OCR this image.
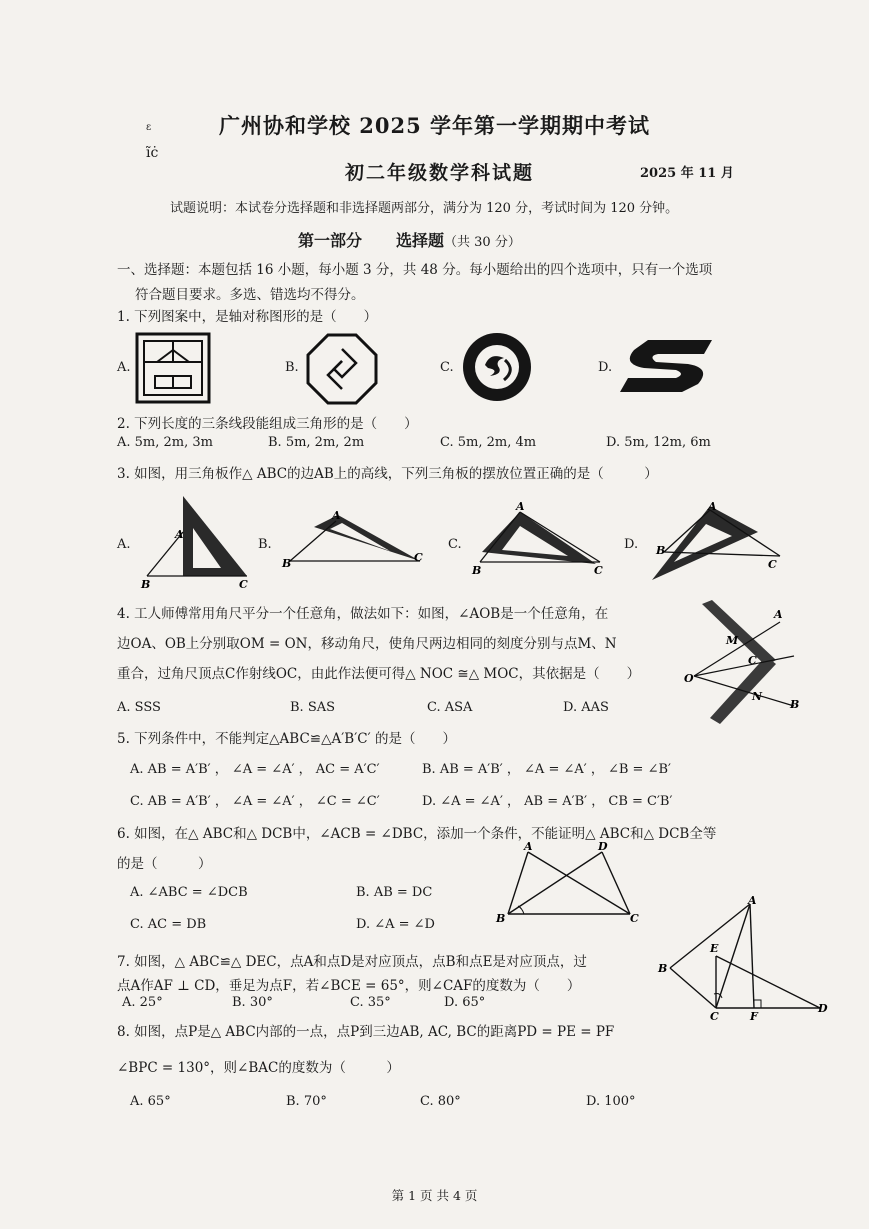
ɛ
ı̃ċ
广州协和学校 2025 学年第一学期期中考试
初二年级数学科试题	2025 年 11 月
试题说明：本试卷分选择题和非选择题两部分，满分为 120 分，考试时间为 120 分钟。
第一部分 选择题（共 30 分）
一、选择题：本题包括 16 小题，每小题 3 分，共 48 分。每小题给出的四个选项中，只有一个选项
符合题目要求。多选、错选均不得分。
1. 下列图案中，是轴对称图形的是（　　）
A.	B.	C.	D.
2. 下列长度的三条线段能组成三角形的是（　　）
A. 5m, 2m, 3m	B. 5m, 2m, 2m	C. 5m, 2m, 4m	D. 5m, 12m, 6m
3. 如图，用三角板作△ ABC的边AB上的高线，下列三角板的摆放位置正确的是（　　　）
A.	B.	C.	D.
A
B	C
A
B	C
A
B	C
A
B
C
4. 工人师傅常用角尺平分一个任意角，做法如下：如图，∠AOB是一个任意角，在
边OA、OB上分别取OM = ON，移动角尺，使角尺两边相同的刻度分别与点M、N
重合，过角尺顶点C作射线OC，由此作法便可得△ NOC ≅△ MOC，其依据是（　　）
A. SSS	B. SAS	C. ASA	D. AAS
A
M
C
O
N
B
5. 下列条件中，不能判定△ABC≌△A′B′C′ 的是（　　）
A. AB = A′B′ ， ∠A = ∠A′ ， AC = A′C′	B. AB = A′B′ ， ∠A = ∠A′ ， ∠B = ∠B′
C. AB = A′B′ ， ∠A = ∠A′ ， ∠C = ∠C′	D. ∠A = ∠A′ ， AB = A′B′ ， CB = C′B′
6. 如图，在△ ABC和△ DCB中，∠ACB = ∠DBC，添加一个条件，不能证明△ ABC和△ DCB全等
的是（　　　）
A. ∠ABC = ∠DCB	B. AB = DC
C. AC = DB	D. ∠A = ∠D
A	D
B	C
7. 如图，△ ABC≌△ DEC，点A和点D是对应顶点，点B和点E是对应顶点，过
点A作AF ⊥ CD，垂足为点F，若∠BCE = 65°，则∠CAF的度数为（　　）
A. 25°	B. 30°	C. 35°	D. 65°
A
E
B
C	F
D
8. 如图，点P是△ ABC内部的一点，点P到三边AB, AC, BC的距离PD = PE = PF
∠BPC = 130°，则∠BAC的度数为（　　　）
A. 65°	B. 70°	C. 80°	D. 100°
第 1 页 共 4 页
